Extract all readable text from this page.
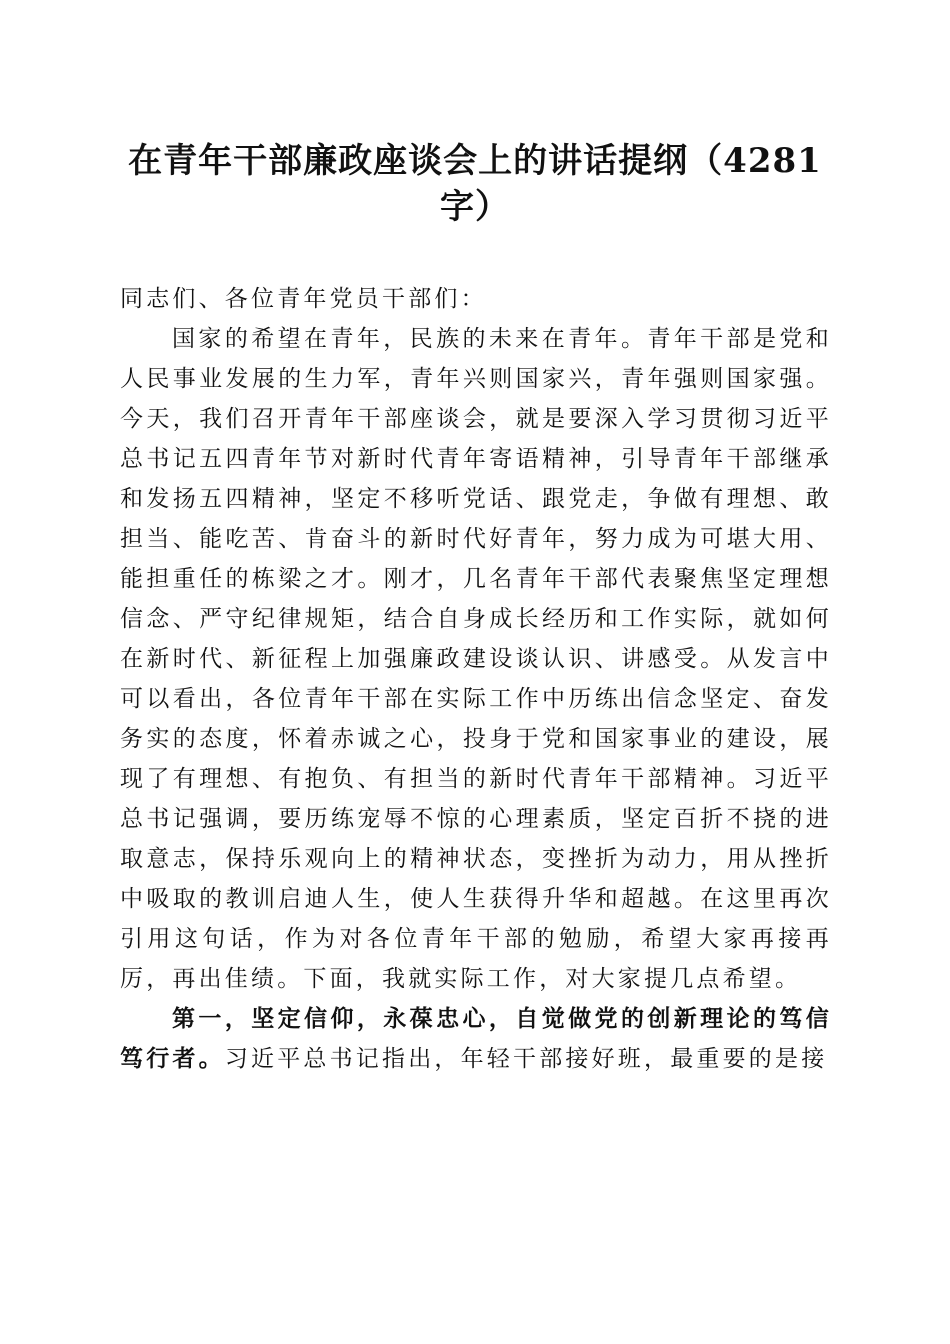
在青年干部廉政座谈会上的讲话提纲（4281字）

同志们、各位青年党员干部们：

国家的希望在青年，民族的未来在青年。青年干部是党和人民事业发展的生力军，青年兴则国家兴，青年强则国家强。今天，我们召开青年干部座谈会，就是要深入学习贯彻习近平总书记五四青年节对新时代青年寄语精神，引导青年干部继承和发扬五四精神，坚定不移听党话、跟党走，争做有理想、敢担当、能吃苦、肯奋斗的新时代好青年，努力成为可堪大用、能担重任的栋梁之才。刚才，几名青年干部代表聚焦坚定理想信念、严守纪律规矩，结合自身成长经历和工作实际，就如何在新时代、新征程上加强廉政建设谈认识、讲感受。从发言中可以看出，各位青年干部在实际工作中历练出信念坚定、奋发务实的态度，怀着赤诚之心，投身于党和国家事业的建设，展现了有理想、有抱负、有担当的新时代青年干部精神。习近平总书记强调，要历练宠辱不惊的心理素质，坚定百折不挠的进取意志，保持乐观向上的精神状态，变挫折为动力，用从挫折中吸取的教训启迪人生，使人生获得升华和超越。在这里再次引用这句话，作为对各位青年干部的勉励，希望大家再接再厉，再出佳绩。下面，我就实际工作，对大家提几点希望。

第一，坚定信仰，永葆忠心，自觉做党的创新理论的笃信笃行者。习近平总书记指出，年轻干部接好班，最重要的是接
